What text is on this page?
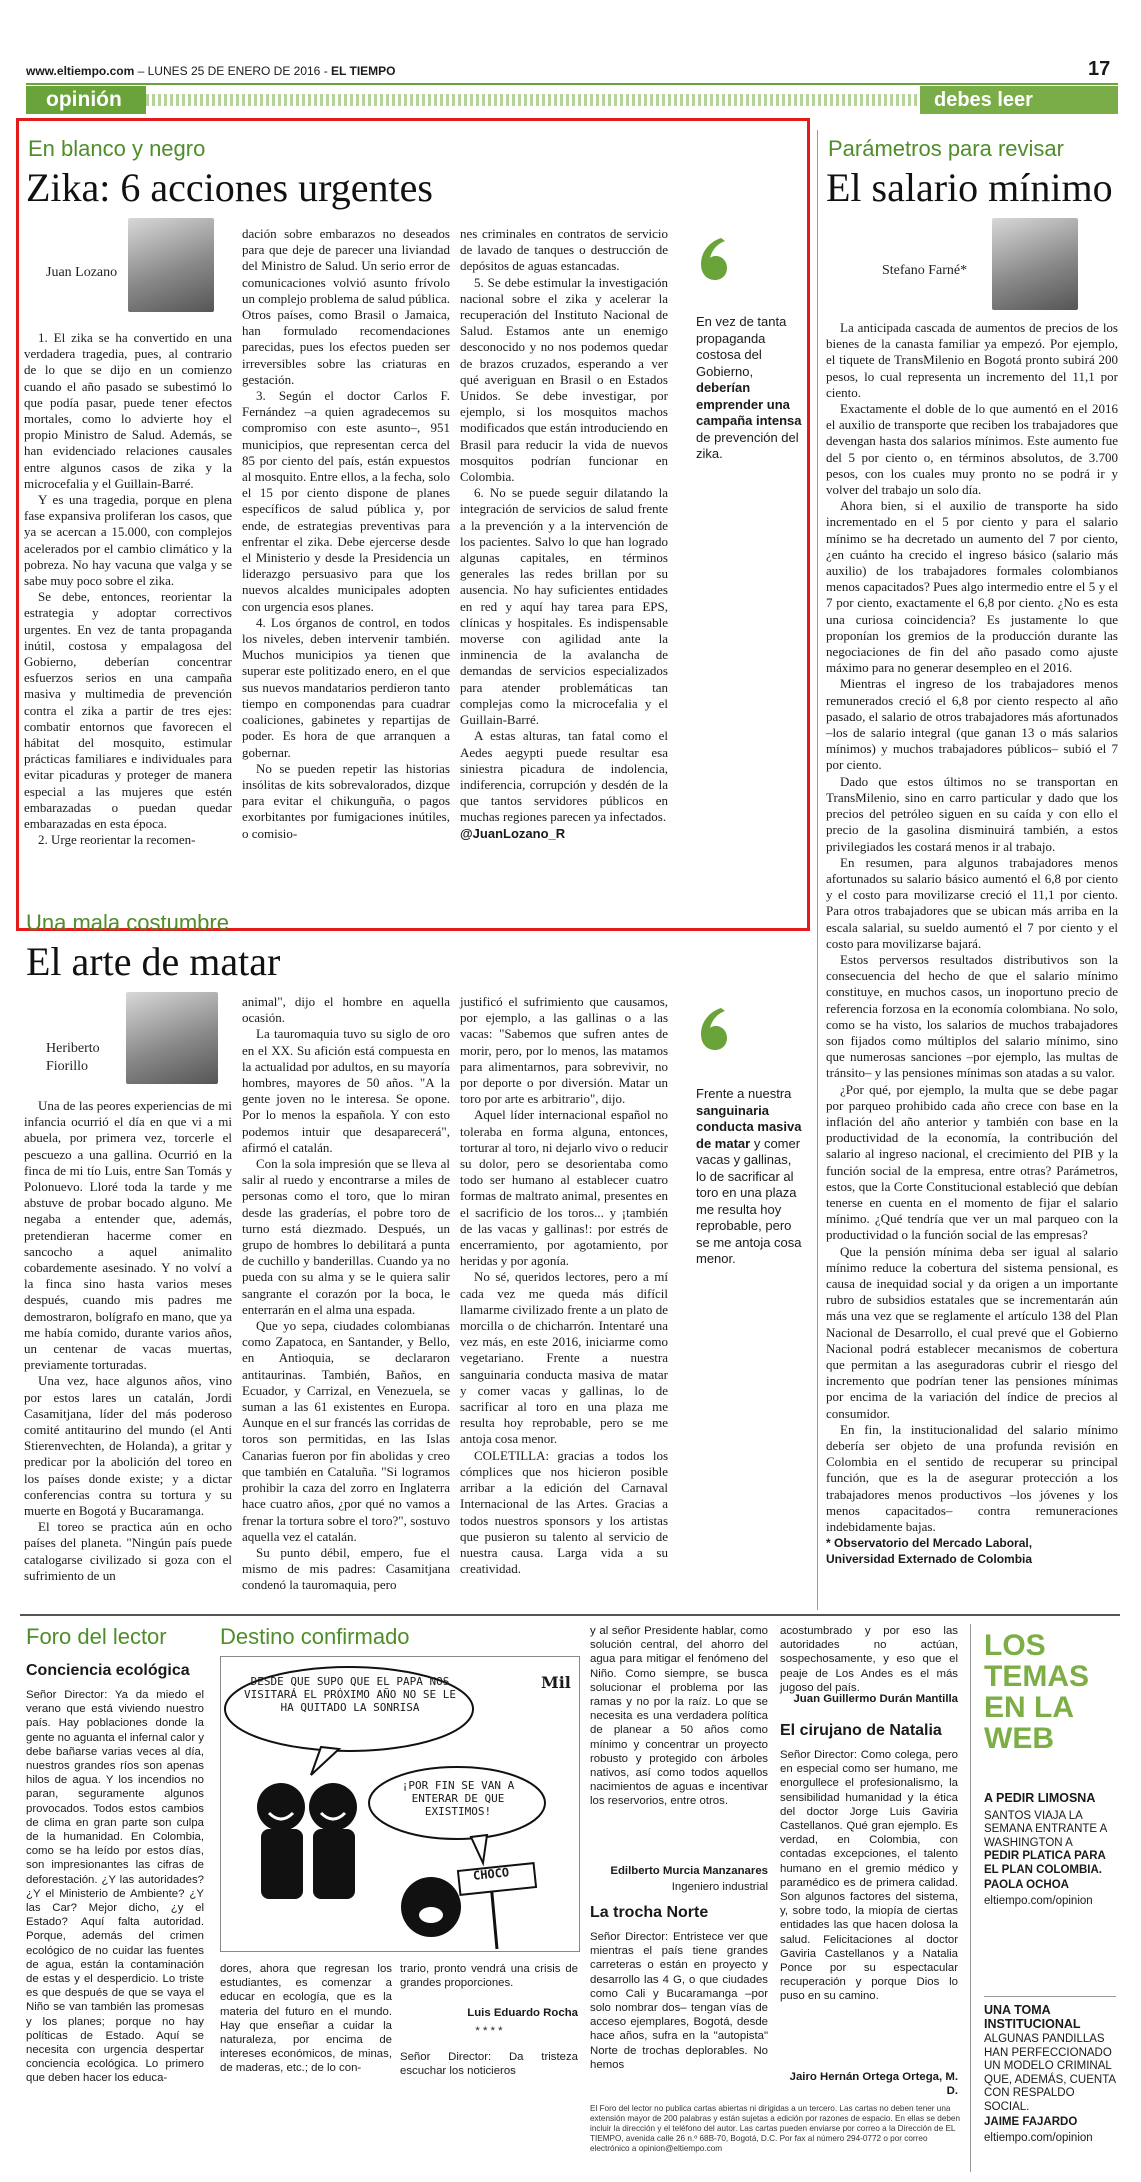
www.eltiempo.com – LUNES 25 DE ENERO DE 2016 - EL TIEMPO	17
opinión	debes leer
En blanco y negro
Zika: 6 acciones urgentes
Juan Lozano

1. El zika se ha convertido en una verdadera tragedia, pues, al contrario de lo que se dijo en un comienzo cuando el año pasado se subestimó lo que podía pasar, puede tener efectos mortales, como lo advierte hoy el propio Ministro de Salud. Además, se han evidenciado relaciones causales entre algunos casos de zika y la microcefalia y el Guillain-Barré.

Y es una tragedia, porque en plena fase expansiva proliferan los casos, que ya se acercan a 15.000, con complejos acelerados por el cambio climático y la pobreza. No hay vacuna que valga y se sabe muy poco sobre el zika.

Se debe, entonces, reorientar la estrategia y adoptar correctivos urgentes. En vez de tanta propaganda inútil, costosa y empalagosa del Gobierno, deberían concentrar esfuerzos serios en una campaña masiva y multimedia de prevención contra el zika a partir de tres ejes: combatir entornos que favorecen el hábitat del mosquito, estimular prácticas familiares e individuales para evitar picaduras y proteger de manera especial a las mujeres que estén embarazadas o puedan quedar embarazadas en esta época.

2. Urge reorientar la recomen-

dación sobre embarazos no deseados para que deje de parecer una liviandad del Ministro de Salud. Un serio error de comunicaciones volvió asunto frívolo un complejo problema de salud pública. Otros países, como Brasil o Jamaica, han formulado recomendaciones parecidas, pues los efectos pueden ser irreversibles sobre las criaturas en gestación.

3. Según el doctor Carlos F. Fernández –a quien agradecemos su compromiso con este asunto–, 951 municipios, que representan cerca del 85 por ciento del país, están expuestos al mosquito. Entre ellos, a la fecha, solo el 15 por ciento dispone de planes específicos de salud pública y, por ende, de estrategias preventivas para enfrentar el zika. Debe ejercerse desde el Ministerio y desde la Presidencia un liderazgo persuasivo para que los nuevos alcaldes municipales adopten con urgencia esos planes.

4. Los órganos de control, en todos los niveles, deben intervenir también. Muchos municipios ya tienen que superar este politizado enero, en el que sus nuevos mandatarios perdieron tanto tiempo en componendas para cuadrar coaliciones, gabinetes y repartijas de poder. Es hora de que arranquen a gobernar.

No se pueden repetir las historias insólitas de kits sobrevalorados, dizque para evitar el chikunguña, o pagos exorbitantes por fumigaciones inútiles, o comisio-

nes criminales en contratos de servicio de lavado de tanques o destrucción de depósitos de aguas estancadas.

5. Se debe estimular la investigación nacional sobre el zika y acelerar la recuperación del Instituto Nacional de Salud. Estamos ante un enemigo desconocido y no nos podemos quedar de brazos cruzados, esperando a ver qué averiguan en Brasil o en Estados Unidos. Se debe investigar, por ejemplo, si los mosquitos machos modificados que están introduciendo en Brasil para reducir la vida de nuevos mosquitos podrían funcionar en Colombia.

6. No se puede seguir dilatando la integración de servicios de salud frente a la prevención y a la intervención de los pacientes. Salvo lo que han logrado algunas capitales, en términos generales las redes brillan por su ausencia. No hay suficientes entidades en red y aquí hay tarea para EPS, clínicas y hospitales. Es indispensable moverse con agilidad ante la inminencia de la avalancha de demandas de servicios especializados para atender problemáticas tan complejas como la microcefalia y el Guillain-Barré.

A estas alturas, tan fatal como el Aedes aegypti puede resultar esa siniestra picadura de indolencia, indiferencia, corrupción y desdén de la que tantos servidores públicos en muchas regiones parecen ya infectados.

@JuanLozano_R

En vez de tanta propaganda costosa del Gobierno, deberían emprender una campaña intensa de prevención del zika.
Una mala costumbre
El arte de matar
Heriberto Fiorillo

Una de las peores experiencias de mi infancia ocurrió el día en que vi a mi abuela, por primera vez, torcerle el pescuezo a una gallina. Ocurrió en la finca de mi tío Luis, entre San Tomás y Polonuevo. Lloré toda la tarde y me abstuve de probar bocado alguno. Me negaba a entender que, además, pretendieran hacerme comer en sancocho a aquel animalito cobardemente asesinado. Y no volví a la finca sino hasta varios meses después, cuando mis padres me demostraron, bolígrafo en mano, que ya me había comido, durante varios años, un centenar de vacas muertas, previamente torturadas.

Una vez, hace algunos años, vino por estos lares un catalán, Jordi Casamitjana, líder del más poderoso comité antitaurino del mundo (el Anti Stierenvechten, de Holanda), a gritar y predicar por la abolición del toreo en los países donde existe; y a dictar conferencias contra su tortura y su muerte en Bogotá y Bucaramanga.

El toreo se practica aún en ocho países del planeta. "Ningún país puede catalogarse civilizado si goza con el sufrimiento de un

animal", dijo el hombre en aquella ocasión.

La tauromaquia tuvo su siglo de oro en el XX. Su afición está compuesta en la actualidad por adultos, en su mayoría hombres, mayores de 50 años. "A la gente joven no le interesa. Se opone. Por lo menos la española. Y con esto podemos intuir que desaparecerá", afirmó el catalán.

Con la sola impresión que se lleva al salir al ruedo y encontrarse a miles de personas como el toro, que lo miran desde las graderías, el pobre toro de turno está diezmado. Después, un grupo de hombres lo debilitará a punta de cuchillo y banderillas. Cuando ya no pueda con su alma y se le quiera salir sangrante el corazón por la boca, le enterrarán en el alma una espada.

Que yo sepa, ciudades colombianas como Zapatoca, en Santander, y Bello, en Antioquia, se declararon antitaurinas. También, Baños, en Ecuador, y Carrizal, en Venezuela, se suman a las 61 existentes en Europa. Aunque en el sur francés las corridas de toros son permitidas, en las Islas Canarias fueron por fin abolidas y creo que también en Cataluña. "Si logramos prohibir la caza del zorro en Inglaterra hace cuatro años, ¿por qué no vamos a frenar la tortura sobre el toro?", sostuvo aquella vez el catalán.

Su punto débil, empero, fue el mismo de mis padres: Casamitjana condenó la tauromaquia, pero

justificó el sufrimiento que causamos, por ejemplo, a las gallinas o a las vacas: "Sabemos que sufren antes de morir, pero, por lo menos, las matamos para alimentarnos, para sobrevivir, no por deporte o por diversión. Matar un toro por arte es arbitrario", dijo.

Aquel líder internacional español no toleraba en forma alguna, entonces, torturar al toro, ni dejarlo vivo o reducir su dolor, pero se desorientaba como todo ser humano al establecer cuatro formas de maltrato animal, presentes en el sacrificio de los toros... y ¡también de las vacas y gallinas!: por estrés de encerramiento, por agotamiento, por heridas y por agonía.

No sé, queridos lectores, pero a mí cada vez me queda más difícil llamarme civilizado frente a un plato de morcilla o de chicharrón. Intentaré una vez más, en este 2016, iniciarme como vegetariano. Frente a nuestra sanguinaria conducta masiva de matar y comer vacas y gallinas, lo de sacrificar al toro en una plaza me resulta hoy reprobable, pero se me antoja cosa menor.

COLETILLA: gracias a todos los cómplices que nos hicieron posible arribar a la edición del Carnaval Internacional de las Artes. Gracias a todos nuestros sponsors y los artistas que pusieron su talento al servicio de nuestra causa. Larga vida a su creatividad.

Frente a nuestra sanguinaria conducta masiva de matar y comer vacas y gallinas, lo de sacrificar al toro en una plaza me resulta hoy reprobable, pero se me antoja cosa menor.
Parámetros para revisar
El salario mínimo
Stefano Farné*

La anticipada cascada de aumentos de precios de los bienes de la canasta familiar ya empezó. Por ejemplo, el tiquete de TransMilenio en Bogotá pronto subirá 200 pesos, lo cual representa un incremento del 11,1 por ciento.

Exactamente el doble de lo que aumentó en el 2016 el auxilio de transporte que reciben los trabajadores que devengan hasta dos salarios mínimos. Este aumento fue del 5 por ciento o, en términos absolutos, de 3.700 pesos, con los cuales muy pronto no se podrá ir y volver del trabajo un solo día.

Ahora bien, si el auxilio de transporte ha sido incrementado en el 5 por ciento y para el salario mínimo se ha decretado un aumento del 7 por ciento, ¿en cuánto ha crecido el ingreso básico (salario más auxilio) de los trabajadores formales colombianos menos capacitados? Pues algo intermedio entre el 5 y el 7 por ciento, exactamente el 6,8 por ciento. ¿No es esta una curiosa coincidencia? Es justamente lo que proponían los gremios de la producción durante las negociaciones de fin del año pasado como ajuste máximo para no generar desempleo en el 2016.

Mientras el ingreso de los trabajadores menos remunerados creció el 6,8 por ciento respecto al año pasado, el salario de otros trabajadores más afortunados –los de salario integral (que ganan 13 o más salarios mínimos) y muchos trabajadores públicos– subió el 7 por ciento.

Dado que estos últimos no se transportan en TransMilenio, sino en carro particular y dado que los precios del petróleo siguen en su caída y con ello el precio de la gasolina disminuirá también, a estos privilegiados les costará menos ir al trabajo.

En resumen, para algunos trabajadores menos afortunados su salario básico aumentó el 6,8 por ciento y el costo para movilizarse creció el 11,1 por ciento. Para otros trabajadores que se ubican más arriba en la escala salarial, su sueldo aumentó el 7 por ciento y el costo para movilizarse bajará.

Estos perversos resultados distributivos son la consecuencia del hecho de que el salario mínimo constituye, en muchos casos, un inoportuno precio de referencia forzosa en la economía colombiana. No solo, como se ha visto, los salarios de muchos trabajadores son fijados como múltiplos del salario mínimo, sino que numerosas sanciones –por ejemplo, las multas de tránsito– y las pensiones mínimas son atadas a su valor.

¿Por qué, por ejemplo, la multa que se debe pagar por parqueo prohibido cada año crece con base en la inflación del año anterior y también con base en la productividad de la economía, la contribución del salario al ingreso nacional, el crecimiento del PIB y la función social de la empresa, entre otras? Parámetros, estos, que la Corte Constitucional estableció que debían tenerse en cuenta en el momento de fijar el salario mínimo. ¿Qué tendría que ver un mal parqueo con la productividad o la función social de las empresas?

Que la pensión mínima deba ser igual al salario mínimo reduce la cobertura del sistema pensional, es causa de inequidad social y da origen a un importante rubro de subsidios estatales que se incrementarán aún más una vez que se reglamente el artículo 138 del Plan Nacional de Desarrollo, el cual prevé que el Gobierno Nacional podrá establecer mecanismos de cobertura que permitan a las aseguradoras cubrir el riesgo del incremento que podrían tener las pensiones mínimas por encima de la variación del índice de precios al consumidor.

En fin, la institucionalidad del salario mínimo debería ser objeto de una profunda revisión en Colombia en el sentido de recuperar su principal función, que es la de asegurar protección a los trabajadores menos productivos –los jóvenes y los menos capacitados– contra remuneraciones indebidamente bajas.

* Observatorio del Mercado Laboral,
Universidad Externado de Colombia

Foro del lector
Conciencia ecológica
Señor Director: Ya da miedo el verano que está viviendo nuestro país. Hay poblaciones donde la gente no aguanta el infernal calor y debe bañarse varias veces al día, nuestros grandes ríos son apenas hilos de agua. Y los incendios no paran, seguramente algunos provocados. Todos estos cambios de clima en gran parte son culpa de la humanidad. En Colombia, como se ha leído por estos días, son impresionantes las cifras de deforestación. ¿Y las autoridades? ¿Y el Ministerio de Ambiente? ¿Y las Car? Mejor dicho, ¿y el Estado? Aquí falta autoridad. Porque, además del crimen ecológico de no cuidar las fuentes de agua, están la contaminación de estas y el desperdicio. Lo triste es que después de que se vaya el Niño se van también las promesas y los planes; porque no hay políticas de Estado. Aquí se necesita con urgencia despertar conciencia ecológica. Lo primero que deben hacer los educa-
Destino confirmado
DESDE QUE SUPO QUE EL PAPA NOS VISITARÁ EL PRÓXIMO AÑO NO SE LE HA QUITADO LA SONRISA
¡POR FIN SE VAN A ENTERAR DE QUE EXISTIMOS!
CHOCÓ
Mil
dores, ahora que regresan los estudiantes, es comenzar a educar en ecología, que es la materia del futuro en el mundo. Hay que enseñar a cuidar la naturaleza, por encima de intereses económicos, de minas, de maderas, etc.; de lo con-
trario, pronto vendrá una crisis de grandes proporciones.
Luis Eduardo Rocha
* * * *
Señor Director: Da tristeza escuchar los noticieros
y al señor Presidente hablar, como solución central, del ahorro del agua para mitigar el fenómeno del Niño. Como siempre, se busca solucionar el problema por las ramas y no por la raíz. Lo que se necesita es una verdadera política de planear a 50 años como mínimo y concentrar un proyecto robusto y protegido con árboles nativos, así como todos aquellos nacimientos de aguas e incentivar los reservorios, entre otros.
Edilberto Murcia Manzanares
Ingeniero industrial
La trocha Norte
Señor Director: Entristece ver que mientras el país tiene grandes carreteras o están en proyecto y desarrollo las 4 G, o que ciudades como Cali y Bucaramanga –por solo nombrar dos– tengan vías de acceso ejemplares, Bogotá, desde hace años, sufra en la "autopista" Norte de trochas deplorables. No hemos
acostumbrado y por eso las autoridades no actúan, sospechosamente, y eso que el peaje de Los Andes es el más jugoso del país.
Juan Guillermo Durán Mantilla
El cirujano de Natalia
Señor Director: Como colega, pero en especial como ser humano, me enorgullece el profesionalismo, la sensibilidad humanidad y la ética del doctor Jorge Luis Gaviria Castellanos. Qué gran ejemplo. Es verdad, en Colombia, con contadas excepciones, el talento humano en el gremio médico y paramédico es de primera calidad. Son algunos factores del sistema, y, sobre todo, la miopía de ciertas entidades las que hacen dolosa la salud. Felicitaciones al doctor Gaviria Castellanos y a Natalia Ponce por su espectacular recuperación y porque Dios lo puso en su camino.
Jairo Hernán Ortega Ortega, M. D.
El Foro del lector no publica cartas abiertas ni dirigidas a un tercero. Las cartas no deben tener una extensión mayor de 200 palabras y están sujetas a edición por razones de espacio. En ellas se deben incluir la dirección y el teléfono del autor. Las cartas pueden enviarse por correo a la Dirección de EL TIEMPO, avenida calle 26 n.º 68B-70, Bogotá, D.C. Por fax al número 294-0772 o por correo electrónico a opinion@eltiempo.com
LOS TEMAS EN LA WEB
A PEDIR LIMOSNA
SANTOS VIAJA LA SEMANA ENTRANTE A WASHINGTON A
PEDIR PLATICA PARA EL PLAN COLOMBIA.
PAOLA OCHOA
eltiempo.com/opinion
UNA TOMA INSTITUCIONAL
ALGUNAS PANDILLAS HAN PERFECCIONADO UN MODELO CRIMINAL QUE, ADEMÁS, CUENTA CON RESPALDO SOCIAL.
JAIME FAJARDO
eltiempo.com/opinion
